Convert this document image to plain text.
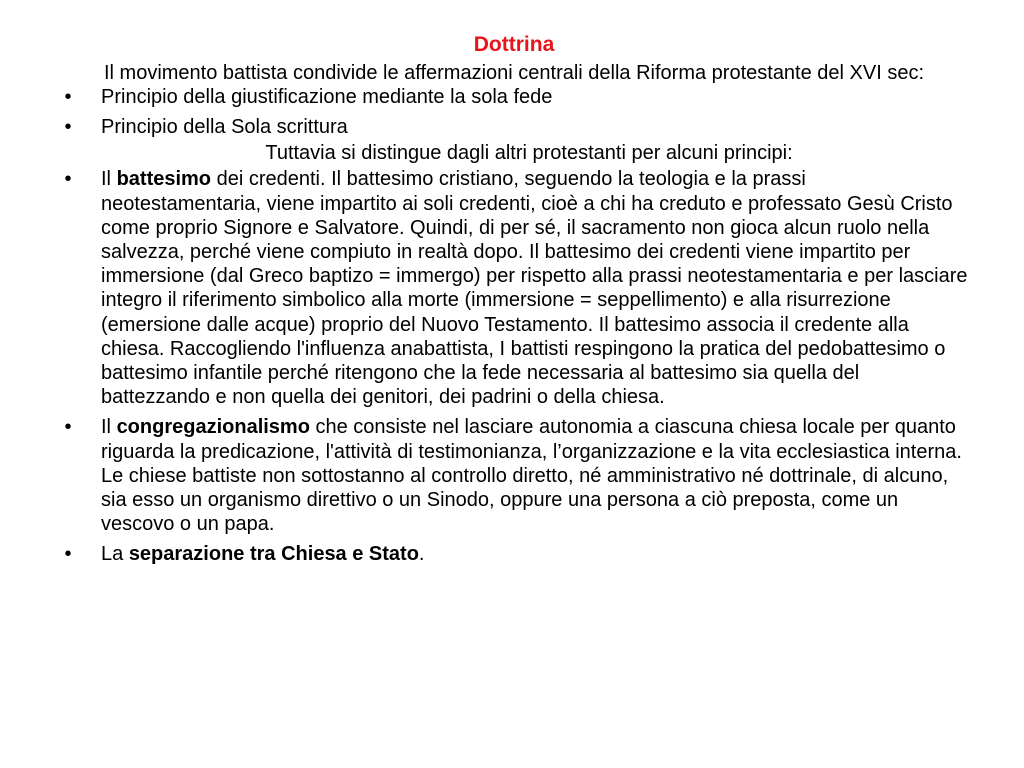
Dottrina

Il movimento battista condivide le affermazioni centrali della Riforma protestante del XVI sec:

•	Principio della giustificazione mediante la sola fede
•	Principio della Sola scrittura

Tuttavia si distingue dagli altri protestanti per alcuni principi:

•	Il battesimo dei credenti. Il battesimo cristiano, seguendo la teologia e la prassi neotestamentaria, viene impartito ai soli credenti, cioè a chi ha creduto e professato Gesù Cristo come proprio Signore e Salvatore. Quindi, di per sé, il sacramento non gioca alcun ruolo nella salvezza, perché viene compiuto in realtà dopo. Il battesimo dei credenti viene impartito per immersione (dal Greco baptizo = immergo) per rispetto alla prassi neotestamentaria e per lasciare integro il riferimento simbolico alla morte (immersione = seppellimento) e alla risurrezione (emersione dalle acque) proprio del Nuovo Testamento. Il battesimo associa il credente alla chiesa. Raccogliendo l'influenza anabattista, I battisti respingono la pratica del pedobattesimo o battesimo infantile perché ritengono che la fede necessaria al battesimo sia quella del battezzando e non quella dei genitori, dei padrini o della chiesa.
•	Il congregazionalismo che consiste nel lasciare autonomia a ciascuna chiesa locale per quanto riguarda la predicazione, l'attività di testimonianza, l’organizzazione e la vita ecclesiastica interna. Le chiese battiste non sottostanno al controllo diretto, né amministrativo né dottrinale, di alcuno, sia esso un organismo direttivo o un Sinodo, oppure una persona a ciò preposta, come un vescovo o un papa.
•	La separazione tra Chiesa e Stato.
